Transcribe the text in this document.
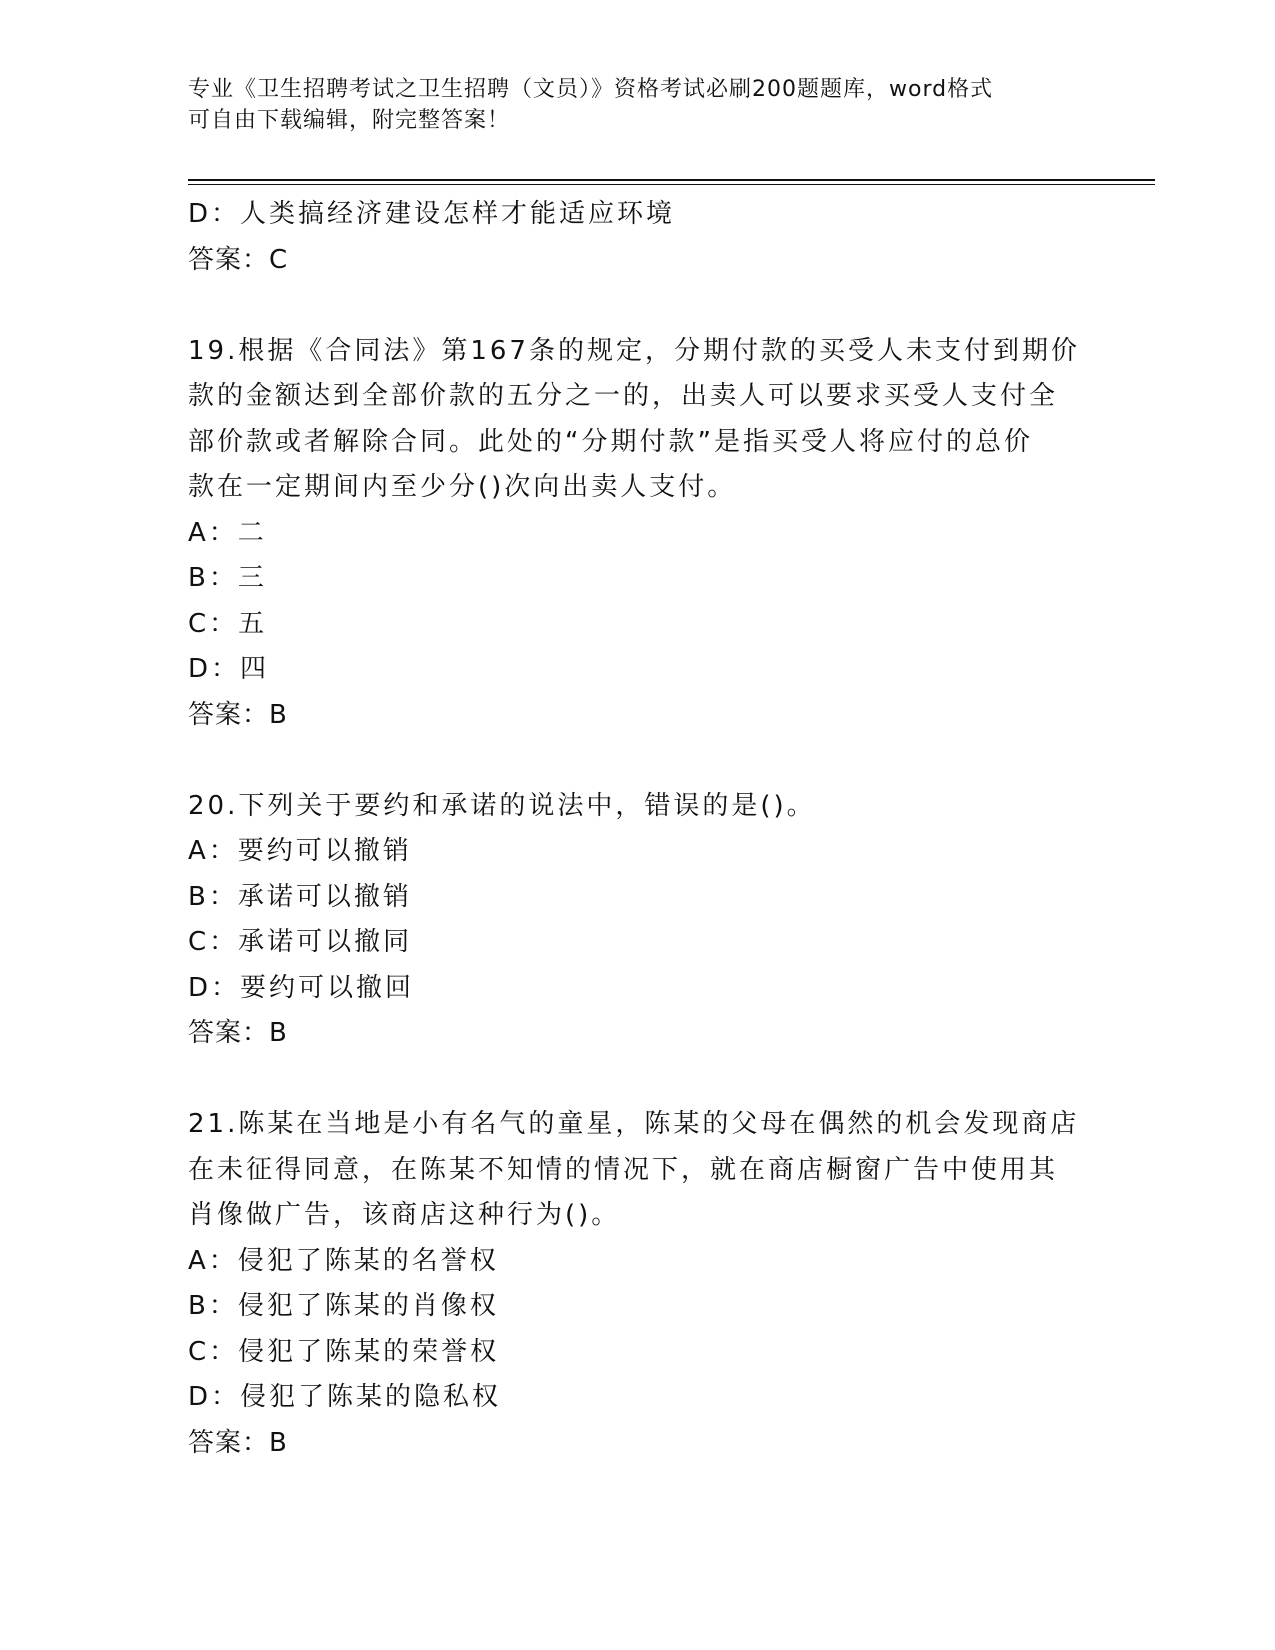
专业《卫生招聘考试之卫生招聘（文员）》资格考试必刷200题题库，word格式
可自由下载编辑，附完整答案！
D：人类搞经济建设怎样才能适应环境
答案：C
19.根据《合同法》第167条的规定，分期付款的买受人未支付到期价
款的金额达到全部价款的五分之一的，出卖人可以要求买受人支付全
部价款或者解除合同。此处的“分期付款”是指买受人将应付的总价
款在一定期间内至少分()次向出卖人支付。
A：二
B：三
C：五
D：四
答案：B
20.下列关于要约和承诺的说法中，错误的是()。
A：要约可以撤销
B：承诺可以撤销
C：承诺可以撤同
D：要约可以撤回
答案：B
21.陈某在当地是小有名气的童星，陈某的父母在偶然的机会发现商店
在未征得同意，在陈某不知情的情况下，就在商店橱窗广告中使用其
肖像做广告，该商店这种行为()。
A：侵犯了陈某的名誉权
B：侵犯了陈某的肖像权
C：侵犯了陈某的荣誉权
D：侵犯了陈某的隐私权
答案：B
